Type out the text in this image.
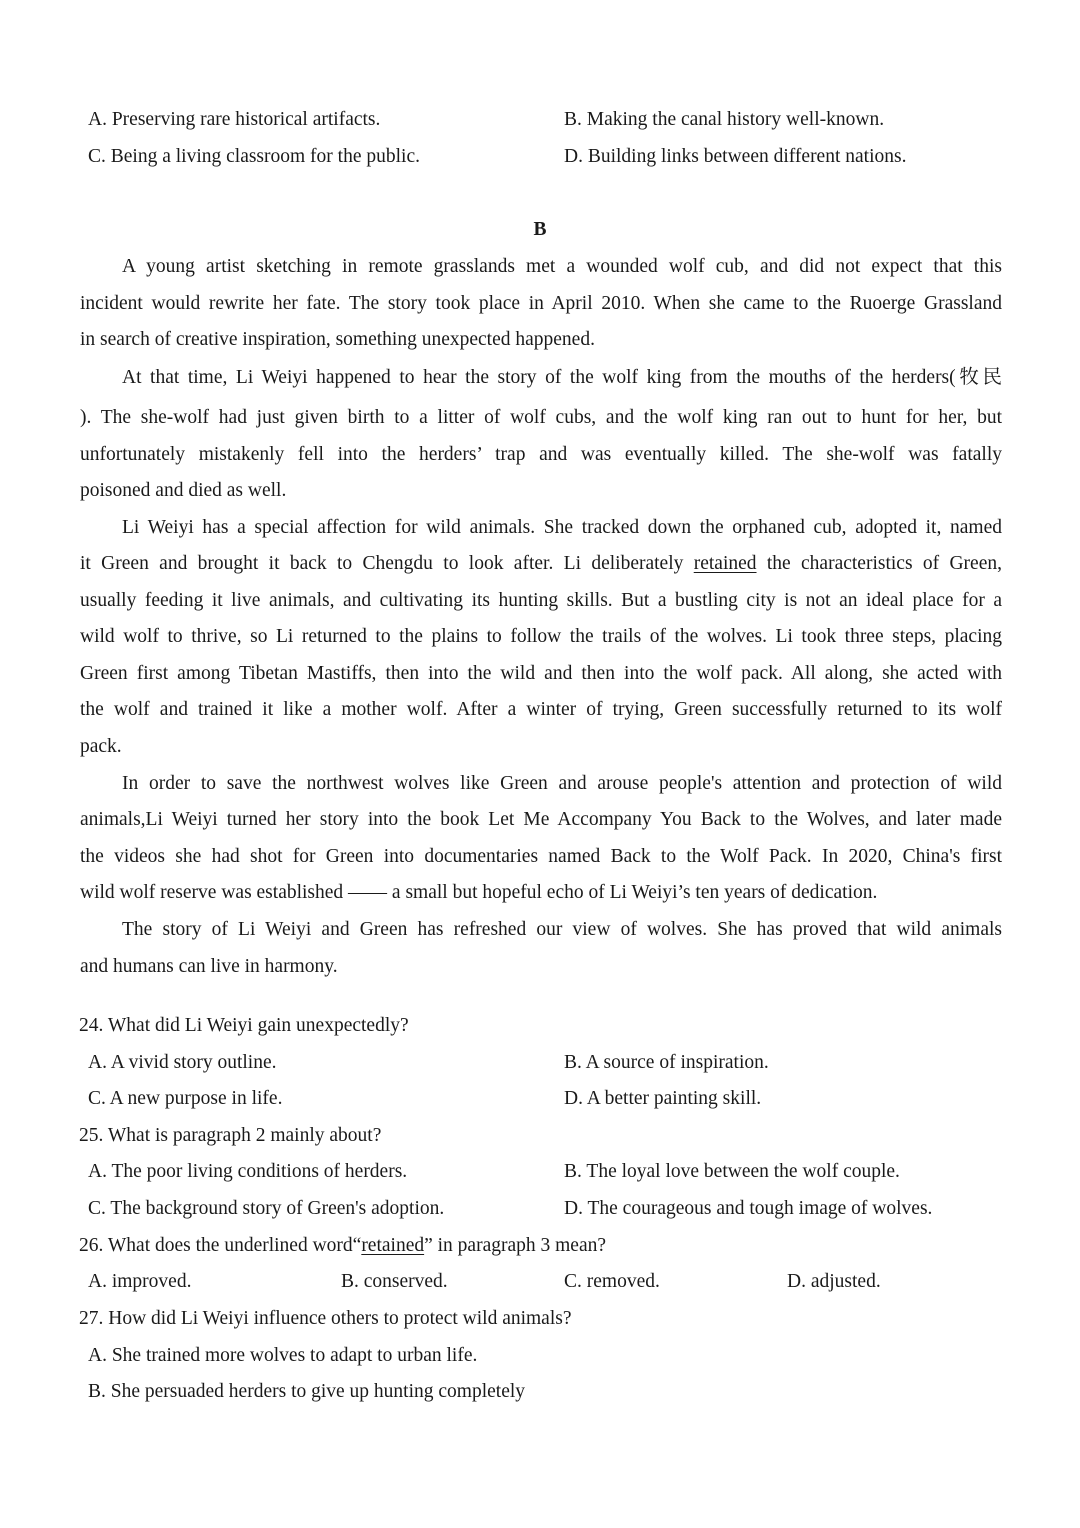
A. Preserving rare historical artifacts.	B. Making the canal history well-known.
C. Being a living classroom for the public.	D. Building links between different nations.
B
A young artist sketching in remote grasslands met a wounded wolf cub, and did not expect that this
incident would rewrite her fate. The story took place in April 2010. When she came to the Ruoerge Grassland
in search of creative inspiration, something unexpected happened.
At that time, Li Weiyi happened to hear the story of the wolf king from the mouths of the herders(牧民
). The she-wolf had just given birth to a litter of wolf cubs, and the wolf king ran out to hunt for her, but
unfortunately mistakenly fell into the herders’ trap and was eventually killed. The she-wolf was fatally
poisoned and died as well.
Li Weiyi has a special affection for wild animals. She tracked down the orphaned cub, adopted it, named
it Green and brought it back to Chengdu to look after. Li deliberately retained the characteristics of Green,
usually feeding it live animals, and cultivating its hunting skills. But a bustling city is not an ideal place for a
wild wolf to thrive, so Li returned to the plains to follow the trails of the wolves. Li took three steps, placing
Green first among Tibetan Mastiffs, then into the wild and then into the wolf pack. All along, she acted with
the wolf and trained it like a mother wolf. After a winter of trying, Green successfully returned to its wolf
pack.
In order to save the northwest wolves like Green and arouse people's attention and protection of wild
animals,Li Weiyi turned her story into the book Let Me Accompany You Back to the Wolves, and later made
the videos she had shot for Green into documentaries named Back to the Wolf Pack. In 2020, China's first
wild wolf reserve was established —— a small but hopeful echo of Li Weiyi’s ten years of dedication.
The story of Li Weiyi and Green has refreshed our view of wolves. She has proved that wild animals
and humans can live in harmony.
24. What did Li Weiyi gain unexpectedly?
A. A vivid story outline.	B. A source of inspiration.
C. A new purpose in life.	D. A better painting skill.
25. What is paragraph 2 mainly about?
A. The poor living conditions of herders.	B. The loyal love between the wolf couple.
C. The background story of Green's adoption.	D. The courageous and tough image of wolves.
26. What does the underlined word“retained” in paragraph 3 mean?
A. improved.	B. conserved.	C. removed.	D. adjusted.
27. How did Li Weiyi influence others to protect wild animals?
A. She trained more wolves to adapt to urban life.
B. She persuaded herders to give up hunting completely
